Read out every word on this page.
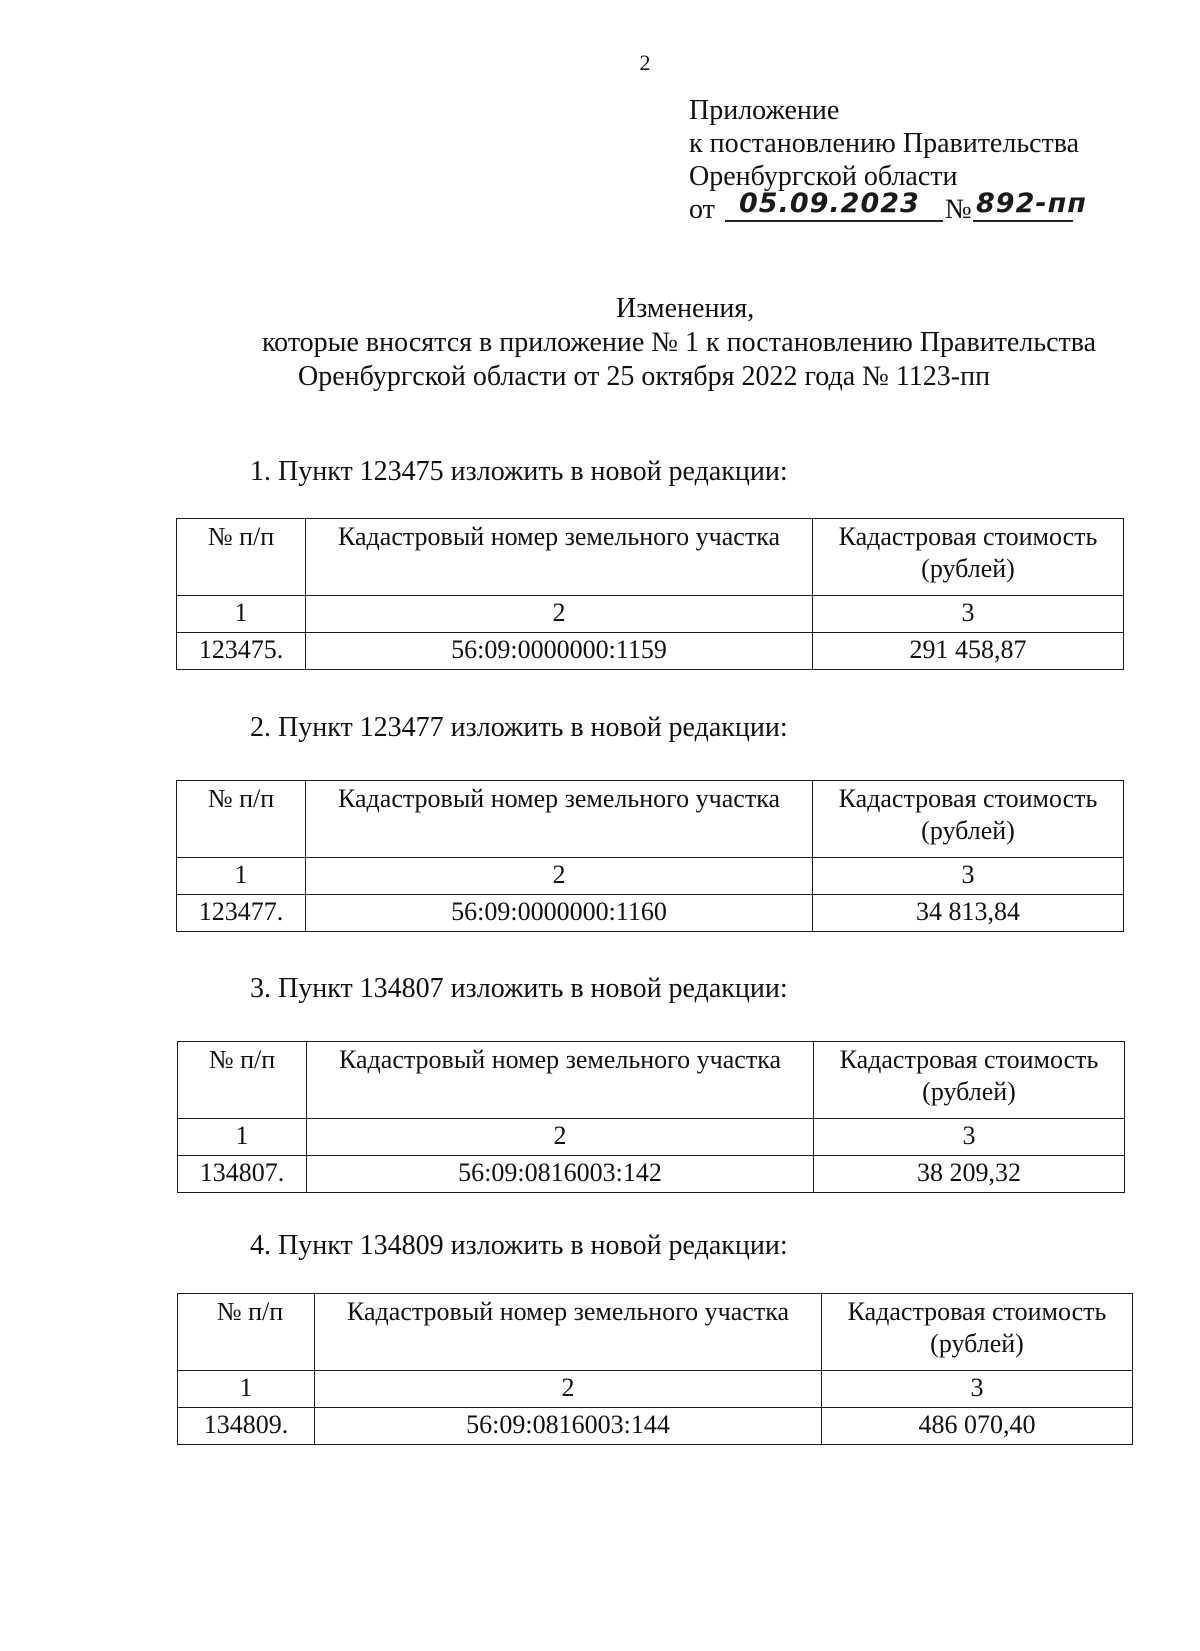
2
Приложение
к постановлению Правительства
Оренбургской области
от 05.09.2023 № 892-пп
Изменения,
которые вносятся в приложение № 1 к постановлению Правительства
Оренбургской области от 25 октября 2022 года № 1123-пп
1. Пункт 123475 изложить в новой редакции:
№ п/п	Кадастровый номер земельного участка	Кадастровая стоимость
(рублей)
1	2	3
123475.	56:09:0000000:1159	291 458,87
2. Пункт 123477 изложить в новой редакции:
№ п/п	Кадастровый номер земельного участка	Кадастровая стоимость
(рублей)
1	2	3
123477.	56:09:0000000:1160	34 813,84
3. Пункт 134807 изложить в новой редакции:
№ п/п	Кадастровый номер земельного участка	Кадастровая стоимость
(рублей)
1	2	3
134807.	56:09:0816003:142	38 209,32
4. Пункт 134809 изложить в новой редакции:
№ п/п	Кадастровый номер земельного участка	Кадастровая стоимость
(рублей)
1	2	3
134809.	56:09:0816003:144	486 070,40
